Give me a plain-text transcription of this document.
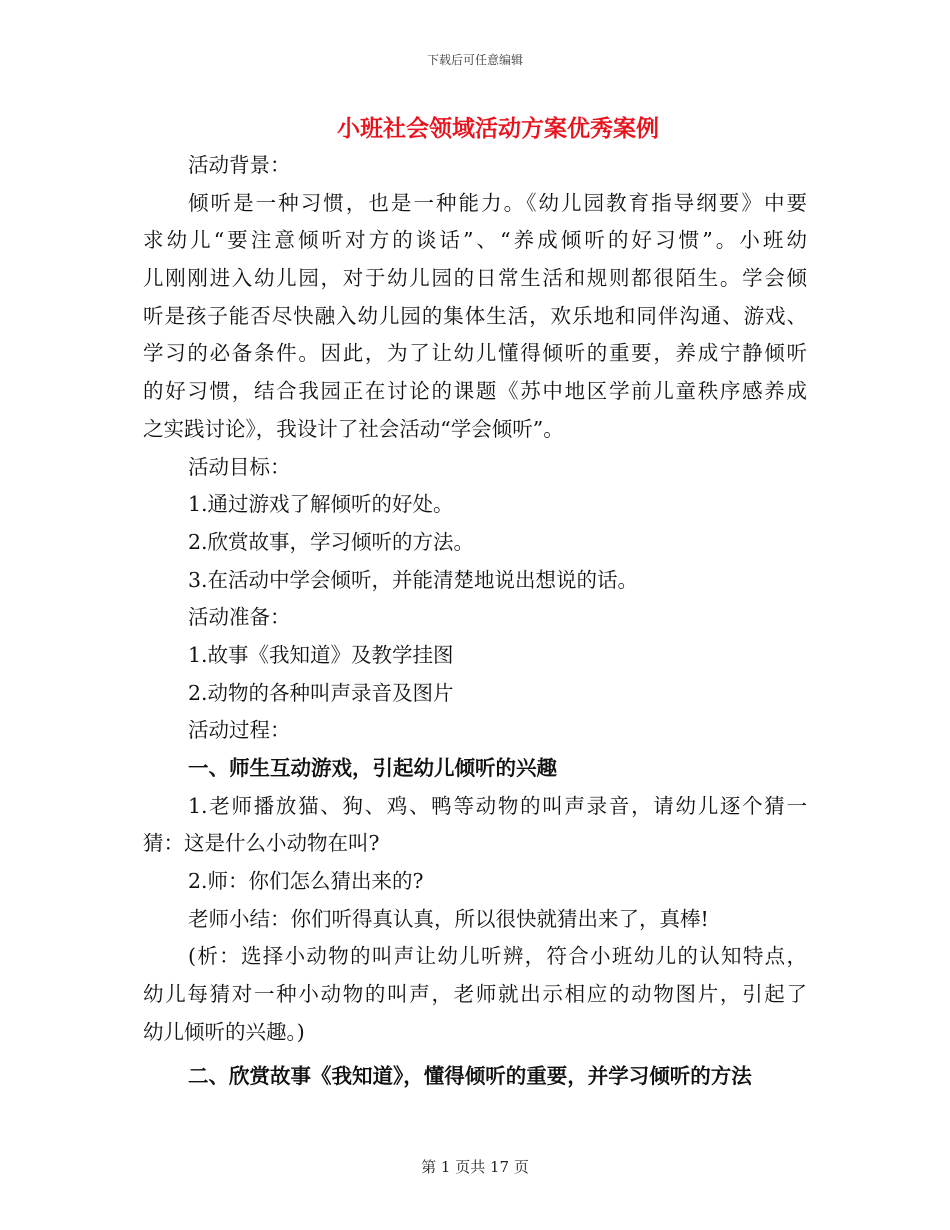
下载后可任意编辑
小班社会领域活动方案优秀案例
活动背景：
倾听是一种习惯，也是一种能力。《幼儿园教育指导纲要》中要
求幼儿“要注意倾听对方的谈话”、“养成倾听的好习惯”。小班幼
儿刚刚进入幼儿园，对于幼儿园的日常生活和规则都很陌生。学会倾
听是孩子能否尽快融入幼儿园的集体生活，欢乐地和同伴沟通、游戏、
学习的必备条件。因此，为了让幼儿懂得倾听的重要，养成宁静倾听
的好习惯，结合我园正在讨论的课题《苏中地区学前儿童秩序感养成
之实践讨论》，我设计了社会活动“学会倾听”。
活动目标：
1.通过游戏了解倾听的好处。
2.欣赏故事，学习倾听的方法。
3.在活动中学会倾听，并能清楚地说出想说的话。
活动准备：
1.故事《我知道》及教学挂图
2.动物的各种叫声录音及图片
活动过程：
一、师生互动游戏，引起幼儿倾听的兴趣
1.老师播放猫、狗、鸡、鸭等动物的叫声录音，请幼儿逐个猜一
猜：这是什么小动物在叫?
2.师：你们怎么猜出来的?
老师小结：你们听得真认真，所以很快就猜出来了，真棒!
(析：选择小动物的叫声让幼儿听辨，符合小班幼儿的认知特点，
幼儿每猜对一种小动物的叫声，老师就出示相应的动物图片，引起了
幼儿倾听的兴趣。)
二、欣赏故事《我知道》，懂得倾听的重要，并学习倾听的方法
第 1 页共 17 页
